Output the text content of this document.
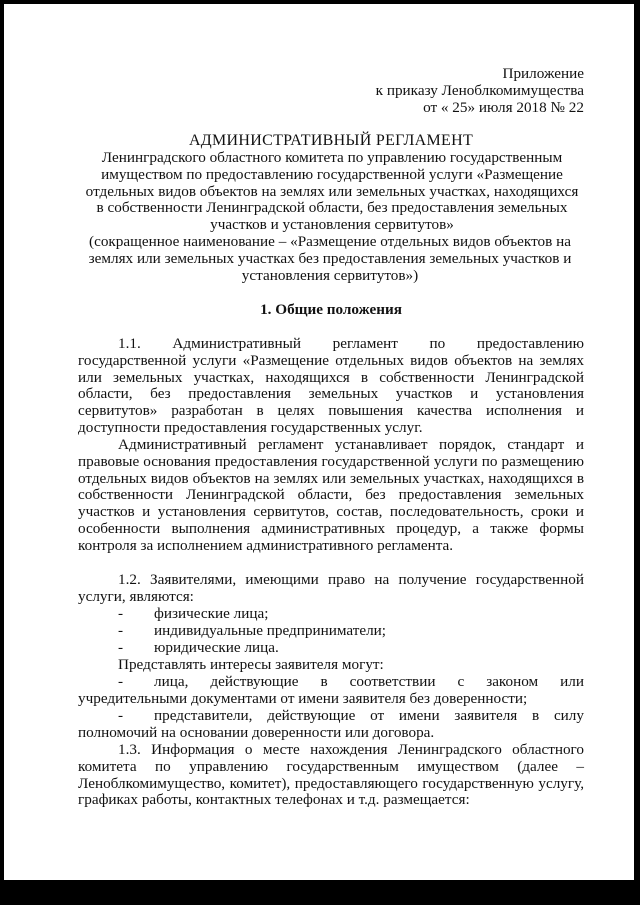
Приложение
к приказу Леноблкомимущества
от « 25» июля 2018 № 22
АДМИНИСТРАТИВНЫЙ РЕГЛАМЕНТ
Ленинградского областного комитета по управлению государственным имуществом по предоставлению государственной услуги «Размещение отдельных видов объектов на землях или земельных участках, находящихся в собственности Ленинградской области, без предоставления земельных участков и установления сервитутов»
(сокращенное наименование – «Размещение отдельных видов объектов на землях или земельных участках без предоставления земельных участков и установления сервитутов»)
1. Общие положения
1.1. Административный регламент по предоставлению государственной услуги «Размещение отдельных видов объектов на землях или земельных участках, находящихся в собственности Ленинградской области, без предоставления земельных участков и установления сервитутов» разработан в целях повышения качества исполнения и доступности предоставления государственных услуг.
Административный регламент устанавливает порядок, стандарт и правовые основания предоставления государственной услуги по размещению отдельных видов объектов на землях или земельных участках, находящихся в собственности Ленинградской области, без предоставления земельных участков и установления сервитутов, состав, последовательность, сроки и особенности выполнения административных процедур, а также формы контроля за исполнением административного регламента.
1.2. Заявителями, имеющими право на получение государственной услуги, являются:
- физические лица;
- индивидуальные предприниматели;
- юридические лица.
Представлять интересы заявителя могут:
-	лица, действующие в соответствии с законом или учредительными документами от имени заявителя без доверенности;
-	представители, действующие от имени заявителя в силу полномочий на основании доверенности или договора.
1.3. Информация о месте нахождения Ленинградского областного комитета по управлению государственным имуществом (далее – Леноблкомимущество, комитет), предоставляющего государственную услугу, графиках работы, контактных телефонах и т.д. размещается:
